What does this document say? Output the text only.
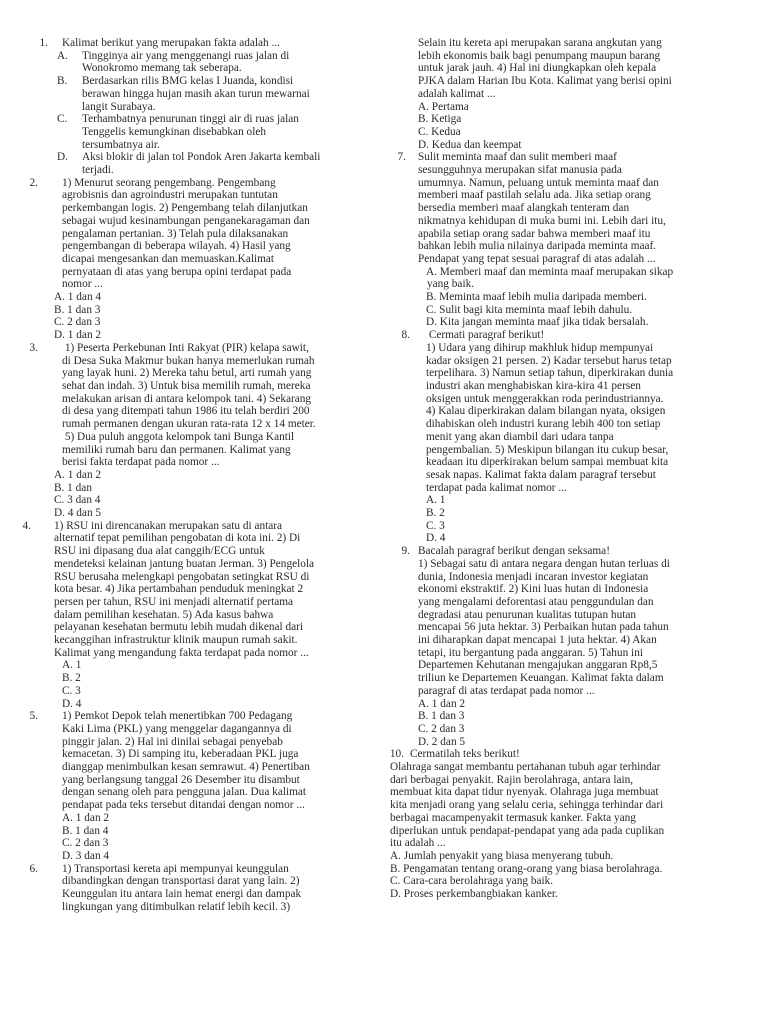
1. Kalimat berikut yang merupakan fakta adalah ...
A. Tingginya air yang menggenangi ruas jalan di
Wonokromo memang tak seberapa.
B. Berdasarkan rilis BMG kelas I Juanda, kondisi
berawan hingga hujan masih akan turun mewarnai
langit Surabaya.
C. Terhambatnya penurunan tinggi air di ruas jalan
Tenggelis kemungkinan disebabkan oleh
tersumbatnya air.
D. Aksi blokir di jalan tol Pondok Aren Jakarta kembali
terjadi.
2. 1) Menurut seorang pengembang. Pengembang
agrobisnis dan agroindustri merupakan tuntutan
perkembangan logis. 2) Pengembang telah dilanjutkan
sebagai wujud kesinambungan penganekaragaman dan
pengalaman pertanian. 3) Telah pula dilaksanakan
pengembangan di beberapa wilayah. 4) Hasil yang
dicapai mengesankan dan memuaskan.Kalimat
pernyataan di atas yang berupa opini terdapat pada
nomor ...
A. 1 dan 4
B. 1 dan 3
C. 2 dan 3
D. 1 dan 2
3. 1) Peserta Perkebunan Inti Rakyat (PIR) kelapa sawit,
di Desa Suka Makmur bukan hanya memerlukan rumah
yang layak huni. 2) Mereka tahu betul, arti rumah yang
sehat dan indah. 3) Untuk bisa memilih rumah, mereka
melakukan arisan di antara kelompok tani. 4) Sekarang
di desa yang ditempati tahun 1986 itu telah berdiri 200
rumah permanen dengan ukuran rata-rata 12 x 14 meter.
5) Dua puluh anggota kelompok tani Bunga Kantil
memiliki rumah baru dan permanen. Kalimat yang
berisi fakta terdapat pada nomor ...
A. 1 dan 2
B. 1 dan
C. 3 dan 4
D. 4 dan 5
4. 1) RSU ini direncanakan merupakan satu di antara
alternatif tepat pemilihan pengobatan di kota ini. 2) Di
RSU ini dipasang dua alat canggih/ECG untuk
mendeteksi kelainan jantung buatan Jerman. 3) Pengelola
RSU berusaha melengkapi pengobatan setingkat RSU di
kota besar. 4) Jika pertambahan penduduk meningkat 2
persen per tahun, RSU ini menjadi alternatif pertama
dalam pemilihan kesehatan. 5) Ada kasus bahwa
pelayanan kesehatan bermutu lebih mudah dikenal dari
kecanggihan infrastruktur klinik maupun rumah sakit.
Kalimat yang mengandung fakta terdapat pada nomor ...
A. 1
B. 2
C. 3
D. 4
5. 1) Pemkot Depok telah menertibkan 700 Pedagang
Kaki Lima (PKL) yang menggelar dagangannya di
pinggir jalan. 2) Hal ini dinilai sebagai penyebab
kemacetan. 3) Di samping itu, keberadaan PKL juga
dianggap menimbulkan kesan semrawut. 4) Penertiban
yang berlangsung tanggal 26 Desember itu disambut
dengan senang oleh para pengguna jalan. Dua kalimat
pendapat pada teks tersebut ditandai dengan nomor ...
A. 1 dan 2
B. 1 dan 4
C. 2 dan 3
D. 3 dan 4
6. 1) Transportasi kereta api mempunyai keunggulan
dibandingkan dengan transportasi darat yang lain. 2)
Keunggulan itu antara lain hemat energi dan dampak
lingkungan yang ditimbulkan relatif lebih kecil. 3)
Selain itu kereta api merupakan sarana angkutan yang
lebih ekonomis baik bagi penumpang maupun barang
untuk jarak jauh. 4) Hal ini diungkapkan oleh kepala
PJKA dalam Harian Ibu Kota. Kalimat yang berisi opini
adalah kalimat ...
A. Pertama
B. Ketiga
C. Kedua
D. Kedua dan keempat
7. Sulit meminta maaf dan sulit memberi maaf
sesungguhnya merupakan sifat manusia pada
umumnya. Namun, peluang untuk meminta maaf dan
memberi maaf pastilah selalu ada. Jika setiap orang
bersedia memberi maaf alangkah tenteram dan
nikmatnya kehidupan di muka bumi ini. Lebih dari itu,
apabila setiap orang sadar bahwa memberi maaf itu
bahkan lebih mulia nilainya daripada meminta maaf.
Pendapat yang tepat sesuai paragraf di atas adalah ...
A. Memberi maaf dan meminta maaf merupakan sikap
yang baik.
B. Meminta maaf lebih mulia daripada memberi.
C. Sulit bagi kita meminta maaf lebih dahulu.
D. Kita jangan meminta maaf jika tidak bersalah.
8. Cermati paragraf berikut!
1) Udara yang dihirup makhluk hidup mempunyai
kadar oksigen 21 persen. 2) Kadar tersebut harus tetap
terpelihara. 3) Namun setiap tahun, diperkirakan dunia
industri akan menghabiskan kira-kira 41 persen
oksigen untuk menggerakkan roda perindustriannya.
4) Kalau diperkirakan dalam bilangan nyata, oksigen
dihabiskan oleh industri kurang lebih 400 ton setiap
menit yang akan diambil dari udara tanpa
pengembalian. 5) Meskipun bilangan itu cukup besar,
keadaan itu diperkirakan belum sampai membuat kita
sesak napas. Kalimat fakta dalam paragraf tersebut
terdapat pada kalimat nomor ...
A. 1
B. 2
C. 3
D. 4
9. Bacalah paragraf berikut dengan seksama!
1) Sebagai satu di antara negara dengan hutan terluas di
dunia, Indonesia menjadi incaran investor kegiatan
ekonomi ekstraktif. 2) Kini luas hutan di Indonesia
yang mengalami deforentasi atau penggundulan dan
degradasi atau penurunan kualitas tutupan hutan
mencapai 56 juta hektar. 3) Perbaikan hutan pada tahun
ini diharapkan dapat mencapai 1 juta hektar. 4) Akan
tetapi, itu bergantung pada anggaran. 5) Tahun ini
Departemen Kehutanan mengajukan anggaran Rp8,5
triliun ke Departemen Keuangan. Kalimat fakta dalam
paragraf di atas terdapat pada nomor ...
A. 1 dan 2
B. 1 dan 3
C. 2 dan 3
D. 2 dan 5
10. Cermatilah teks berikut!
Olahraga sangat membantu pertahanan tubuh agar terhindar
dari berbagai penyakit. Rajin berolahraga, antara lain,
membuat kita dapat tidur nyenyak. Olahraga juga membuat
kita menjadi orang yang selalu ceria, sehingga terhindar dari
berbagai macampenyakit termasuk kanker. Fakta yang
diperlukan untuk pendapat-pendapat yang ada pada cuplikan
itu adalah ...
A. Jumlah penyakit yang biasa menyerang tubuh.
B. Pengamatan tentang orang-orang yang biasa berolahraga.
C. Cara-cara berolahraga yang baik.
D. Proses perkembangbiakan kanker.
